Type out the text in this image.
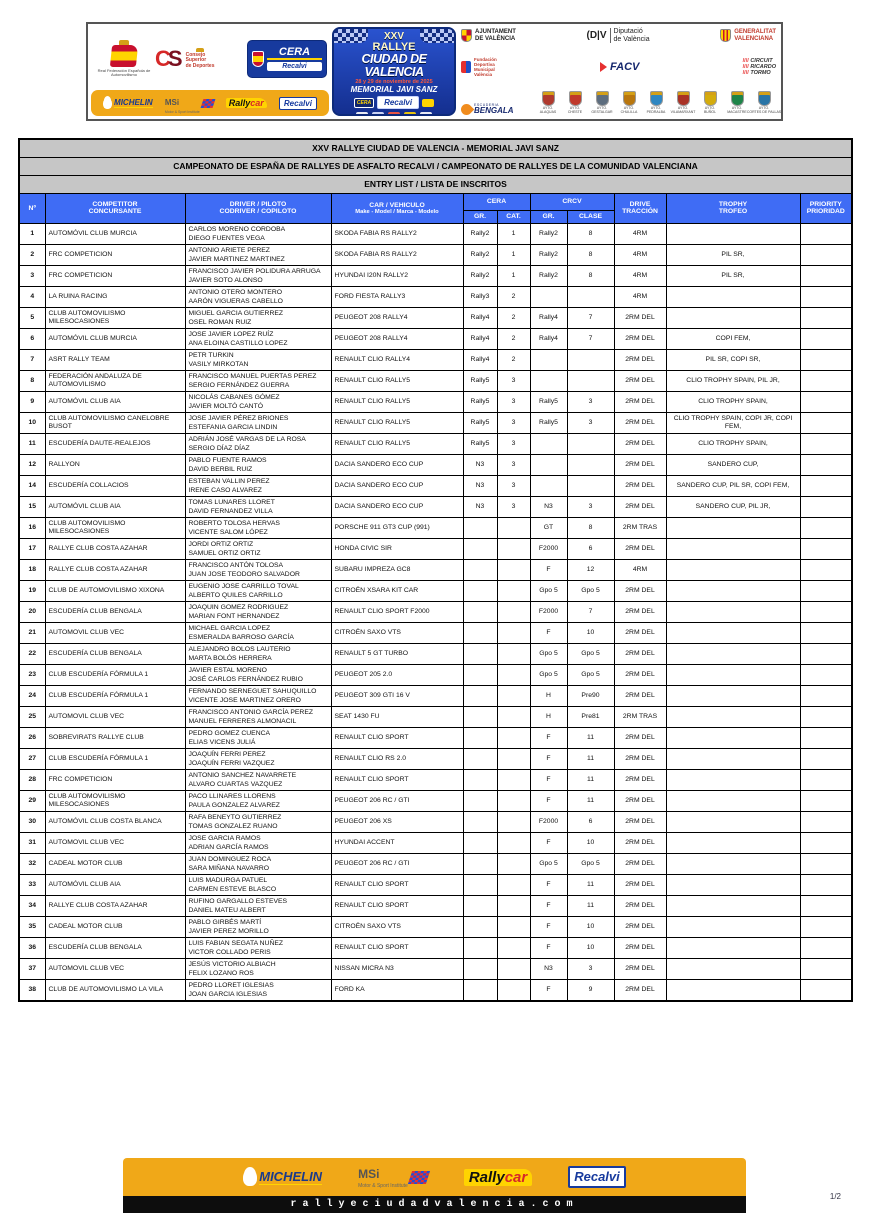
Real Federación Española de Automovilismo
C
S Consejo
Superior
de Deportes
CERA
Recalvi
MICHELIN MSi
Motor & Sport Institute
Rallycar	Recalvi
XXV
RALLYE
CIUDAD DE VALENCIA
28 y 29 de noviembre de 2025
MEMORIAL JAVI SANZ
CERA	Recalvi
AJUNTAMENT
DE VALÈNCIA	(D|V Diputació
de València
GENERALITAT
VALENCIANA
Fundación
Deportiva
Municipal
València
FACV	//// CIRCUIT
//// RICARDO
//// TORMO
ESCUDERIA
BENGALA	AYTO.
ALAQUAS
AYTO.
CHESTE
AYTO.
GESTALGAR
AYTO.
CHULILLA
AYTO.
PEDRALBA
AYTO.
VILAMARXANT
AYTO.
BUÑOL
AYTO.
MACASTRE
AYTO.
CORTES DE PALLAS
XXV RALLYE CIUDAD DE VALENCIA - MEMORIAL JAVI SANZ										
CAMPEONATO DE ESPAÑA DE RALLYES DE ASFALTO RECALVI / CAMPEONATO DE RALLYES DE LA COMUNIDAD VALENCIANA										
ENTRY LIST / LISTA DE INSCRITOS										
Nº	COMPETITOR
CONCURSANTE

DRIVER / PILOTO
CODRIVER / COPILOTO

CAR / VEHICULO
Make - Model / Marca - Modelo
	CERA	CRCV	DRIVE
TRACCIÓN

TROPHY
TROFEO

PRIORITY
PRIORIDAD

				GR.	CAT.	GR.	CLASE			
1	AUTOMÓVIL CLUB MURCIA	CARLOS MORENO CORDOBA
DIEGO FUENTES VEGA	SKODA FABIA RS RALLY2	Rally2	1	Rally2	8	4RM		
2	FRC COMPETICION	ANTONIO ARIETE PEREZ
JAVIER MARTINEZ MARTINEZ	SKODA FABIA RS RALLY2	Rally2	1	Rally2	8	4RM	PIL SR,	
3	FRC COMPETICION	FRANCISCO JAVIER POLIDURA ARRUGA
JAVIER SOTO ALONSO	HYUNDAI I20N RALLY2	Rally2	1	Rally2	8	4RM	PIL SR,	
4	LA RUINA RACING	ANTONIO OTERO MONTERO
AARÓN VIGUERAS CABELLO	FORD FIESTA RALLY3	Rally3	2			4RM		
5	CLUB AUTOMOVILISMO MILESOCASIONES	MIGUEL GARCIA GUTIERREZ
OSEL ROMAN RUIZ	PEUGEOT 208 RALLY4	Rally4	2	Rally4	7	2RM DEL		
6	AUTOMÓVIL CLUB MURCIA	JOSE JAVIER LOPEZ RUÍZ
ANA ELOINA CASTILLO LOPEZ	PEUGEOT 208 RALLY4	Rally4	2	Rally4	7	2RM DEL	COPI FEM,	
7	ASRT RALLY TEAM	PETR TURKIN
VASILY MIRKOTAN	RENAULT CLIO RALLY4	Rally4	2			2RM DEL	PIL SR, COPI SR,	
8	FEDERACIÓN ANDALUZA DE AUTOMOVILISMO	FRANCISCO MANUEL PUERTAS PEREZ
SERGIO FERNÁNDEZ GUERRA	RENAULT CLIO RALLY5	Rally5	3			2RM DEL	CLIO TROPHY SPAIN, PIL JR,	
9	AUTOMÓVIL CLUB AIA	NICOLÁS CABANES GÓMEZ
JAVIER MOLTÓ CANTÓ	RENAULT CLIO RALLY5	Rally5	3	Rally5	3	2RM DEL	CLIO TROPHY SPAIN,	
10	CLUB AUTOMOVILISMO CANELOBRE BUSOT	JOSE JAVIER PÉREZ BRIONES
ESTEFANIA GARCIA LINDIN	RENAULT CLIO RALLY5	Rally5	3	Rally5	3	2RM DEL	CLIO TROPHY SPAIN, COPI JR, COPI FEM,	
11	ESCUDERÍA DAUTE-REALEJOS	ADRIÁN JOSÉ VARGAS DE LA ROSA
SERGIO DÍAZ DÍAZ	RENAULT CLIO RALLY5	Rally5	3			2RM DEL	CLIO TROPHY SPAIN,	
12	RALLYON	PABLO FUENTE RAMOS
DAVID BERBIL RUIZ	DACIA SANDERO ECO CUP	N3	3			2RM DEL	SANDERO CUP,	
14	ESCUDERÍA COLLACIOS	ESTEBAN VALLIN PEREZ
IRENE CASO ALVAREZ	DACIA SANDERO ECO CUP	N3	3			2RM DEL	SANDERO CUP, PIL SR, COPI FEM,	
15	AUTOMÓVIL CLUB AIA	TOMAS LUNARES LLORET
DAVID FERNANDEZ VILLA	DACIA SANDERO ECO CUP	N3	3	N3	3	2RM DEL	SANDERO CUP, PIL JR,	
16	CLUB AUTOMOVILISMO MILESOCASIONES	ROBERTO TOLOSA HERVAS
VICENTE SALOM LÓPEZ	PORSCHE 911 GT3 CUP (991)			GT	8	2RM TRAS		
17	RALLYE CLUB COSTA AZAHAR	JORDI ORTIZ ORTIZ
SAMUEL ORTIZ ORTIZ	HONDA CIVIC SIR			F2000	6	2RM DEL		
18	RALLYE CLUB COSTA AZAHAR	FRANCISCO ANTÓN TOLOSA
JUAN JOSE TEODORO SALVADOR	SUBARU IMPREZA GC8			F	12	4RM		
19	CLUB DE AUTOMOVILISMO XIXONA	EUGENIO JOSE CARRILLO TOVAL
ALBERTO QUILES CARRILLO	CITROËN XSARA KIT CAR			Gpo 5	Gpo 5	2RM DEL		
20	ESCUDERÍA CLUB BENGALA	JOAQUIN GOMEZ RODRIGUEZ
MARIAN FONT HERNANDEZ	RENAULT CLIO SPORT F2000			F2000	7	2RM DEL		
21	AUTOMOVIL CLUB VEC	MICHAEL GARCIA LOPEZ
ESMERALDA BARROSO GARCÍA	CITROËN SAXO VTS			F	10	2RM DEL		
22	ESCUDERÍA CLUB BENGALA	ALEJANDRO BOLOS LAUTERIO
MARTA BOLÓS HERRERA	RENAULT 5 GT TURBO			Gpo 5	Gpo 5	2RM DEL		
23	CLUB ESCUDERÍA FÓRMULA 1	JAVIER ESTAL MORENO
JOSÉ CARLOS FERNÁNDEZ RUBIO	PEUGEOT 205 2.0			Gpo 5	Gpo 5	2RM DEL		
24	CLUB ESCUDERÍA FÓRMULA 1	FERNANDO SERNEGUET SAHUQUILLO
VICENTE JOSE MARTINEZ ORERO	PEUGEOT 309 GTI 16 V			H	Pre90	2RM DEL		
25	AUTOMOVIL CLUB VEC	FRANCISCO ANTONIO GARCÍA PEREZ
MANUEL FERRERES ALMONACIL	SEAT 1430 FU			H	Pre81	2RM TRAS		
26	SOBREVIRATS RALLYE CLUB	PEDRO GOMEZ CUENCA
ELIAS VICENS JULIÁ	RENAULT CLIO SPORT			F	11	2RM DEL		
27	CLUB ESCUDERÍA FÓRMULA 1	JOAQUÍN FERRI PEREZ
JOAQUÍN FERRI VAZQUEZ	RENAULT CLIO RS 2.0			F	11	2RM DEL		
28	FRC COMPETICION	ANTONIO SANCHEZ NAVARRETE
ALVARO CUARTAS VAZQUEZ	RENAULT CLIO SPORT			F	11	2RM DEL		
29	CLUB AUTOMOVILISMO MILESOCASIONES	PACO LLINARES LLORENS
PAULA GONZALEZ ALVAREZ	PEUGEOT 206 RC / GTI			F	11	2RM DEL		
30	AUTOMÓVIL CLUB COSTA BLANCA	RAFA BENEYTO GUTIERREZ
TOMAS GONZALEZ RUANO	PEUGEOT 206 XS			F2000	6	2RM DEL		
31	AUTOMOVIL CLUB VEC	JOSE GARCIA RAMOS
ADRIAN GARCÍA RAMOS	HYUNDAI ACCENT			F	10	2RM DEL		
32	CADEAL MOTOR CLUB	JUAN DOMINGUEZ ROCA
SARA MIÑANA NAVARRO	PEUGEOT 206 RC / GTI			Gpo 5	Gpo 5	2RM DEL		
33	AUTOMÓVIL CLUB AIA	LUIS MADURGA PATUEL
CARMEN ESTEVE BLASCO	RENAULT CLIO SPORT			F	11	2RM DEL		
34	RALLYE CLUB COSTA AZAHAR	RUFINO GARGALLO ESTEVES
DANIEL MATEU ALBERT	RENAULT CLIO SPORT			F	11	2RM DEL		
35	CADEAL MOTOR CLUB	PABLO GIRBÉS MARTÍ
JAVIER PEREZ MORILLO	CITROËN SAXO VTS			F	10	2RM DEL		
36	ESCUDERÍA CLUB BENGALA	LUIS FABIAN SEGATA NUÑEZ
VICTOR COLLADO PERIS	RENAULT CLIO SPORT			F	10	2RM DEL		
37	AUTOMOVIL CLUB VEC	JESÚS VICTORIO ALBIACH
FELIX LOZANO ROS	NISSAN MICRA N3			N3	3	2RM DEL		
38	CLUB DE AUTOMOVILISMO LA VILA	PEDRO LLORET IGLESIAS
JOAN GARCIA IGLESIAS	FORD KA			F	9	2RM DEL		
MICHELIN	MSi
Motor & Sport Institute
Rallycar	Recalvi
rallyeciudadvalencia.com
1/2
